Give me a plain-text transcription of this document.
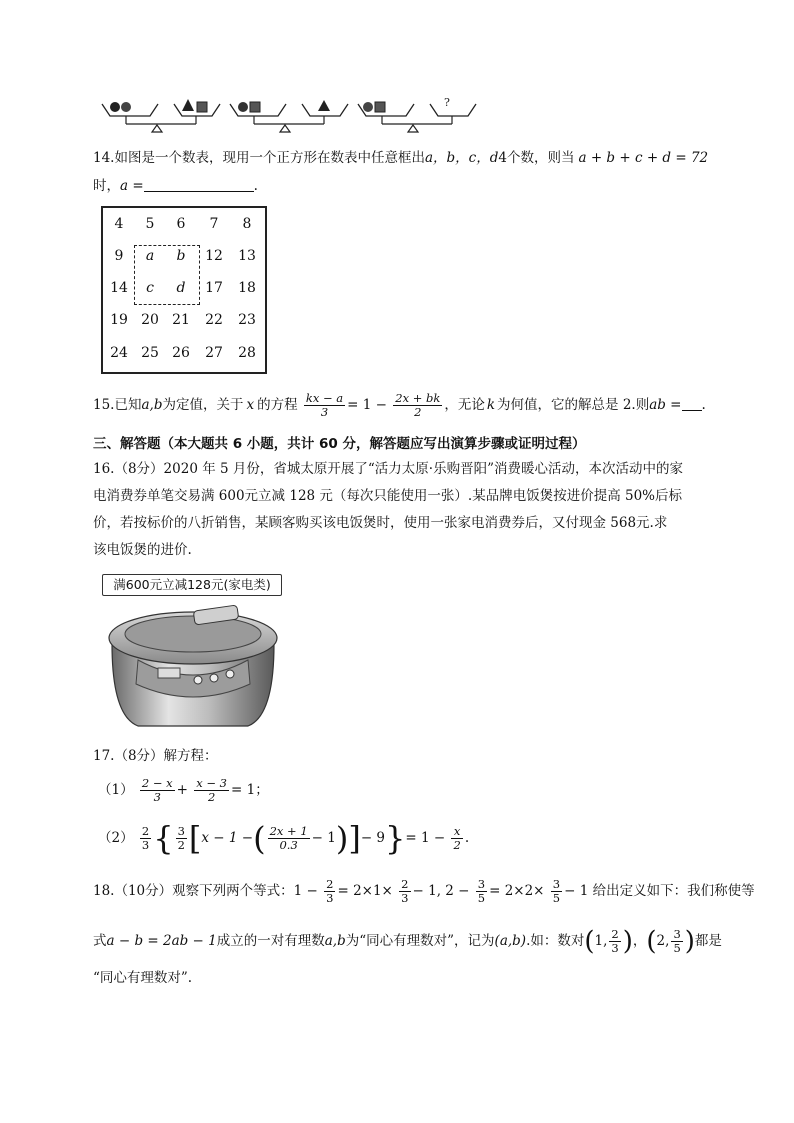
?
14.如图是一个数表，现用一个正方形在数表中任意框出a，b，c，d4个数，则当 a + b + c + d = 72
时，a =	.
4	5	6	7	8
9	a	b	12	13
14	c	d	17	18
19 20 21	22	23
24 25 26	27	28
15.已知a,b为定值，关于 x 的方程 $\frac{kx - a}{3} = 1 - \frac{2x + bk}{2}$ ，无论 k 为何值，它的解总是 2.则ab = .
三、解答题（本大题共 6 小题，共计 60 分，解答题应写出演算步骤或证明过程）
16.（8分）2020 年 5 月份，省城太原开展了“活力太原·乐购晋阳”消费暖心活动，本次活动中的家
电消费券单笔交易满 600元立减 128 元（每次只能使用一张）.某品牌电饭煲按进价提高 50%后标
价，若按标价的八折销售，某顾客购买该电饭煲时，使用一张家电消费券后，又付现金 568元.求
该电饭煲的进价.
满600元立减128元(家电类)
17.（8分）解方程：
$(1) \frac{2 - x}{3} + \frac{x - 3}{2} = 1$；
$(2) \frac{2}{3}$ { $\frac{3}{2} [x - 1$ −( $\frac{2x + 1}{0.3} - 1)]- 9\}= 1 - \frac{x}{2}$ .
18.（10分）观察下列两个等式：$1 - \frac{2}{3} = 2\times 1\times \frac{2}{3} - 1$, $2 - \frac{3}{5} = 2\times 2\times \frac{3}{5} - 1$ 给出定义如下：我们称使等
式a − b = 2ab − 1成立的一对有理数a,b为“同心有理数对”，记为(a,b).如：数对(1, $\frac{2}{3}$ )，(2, $\frac{3}{5}$ )都是
“同心有理数对”.
